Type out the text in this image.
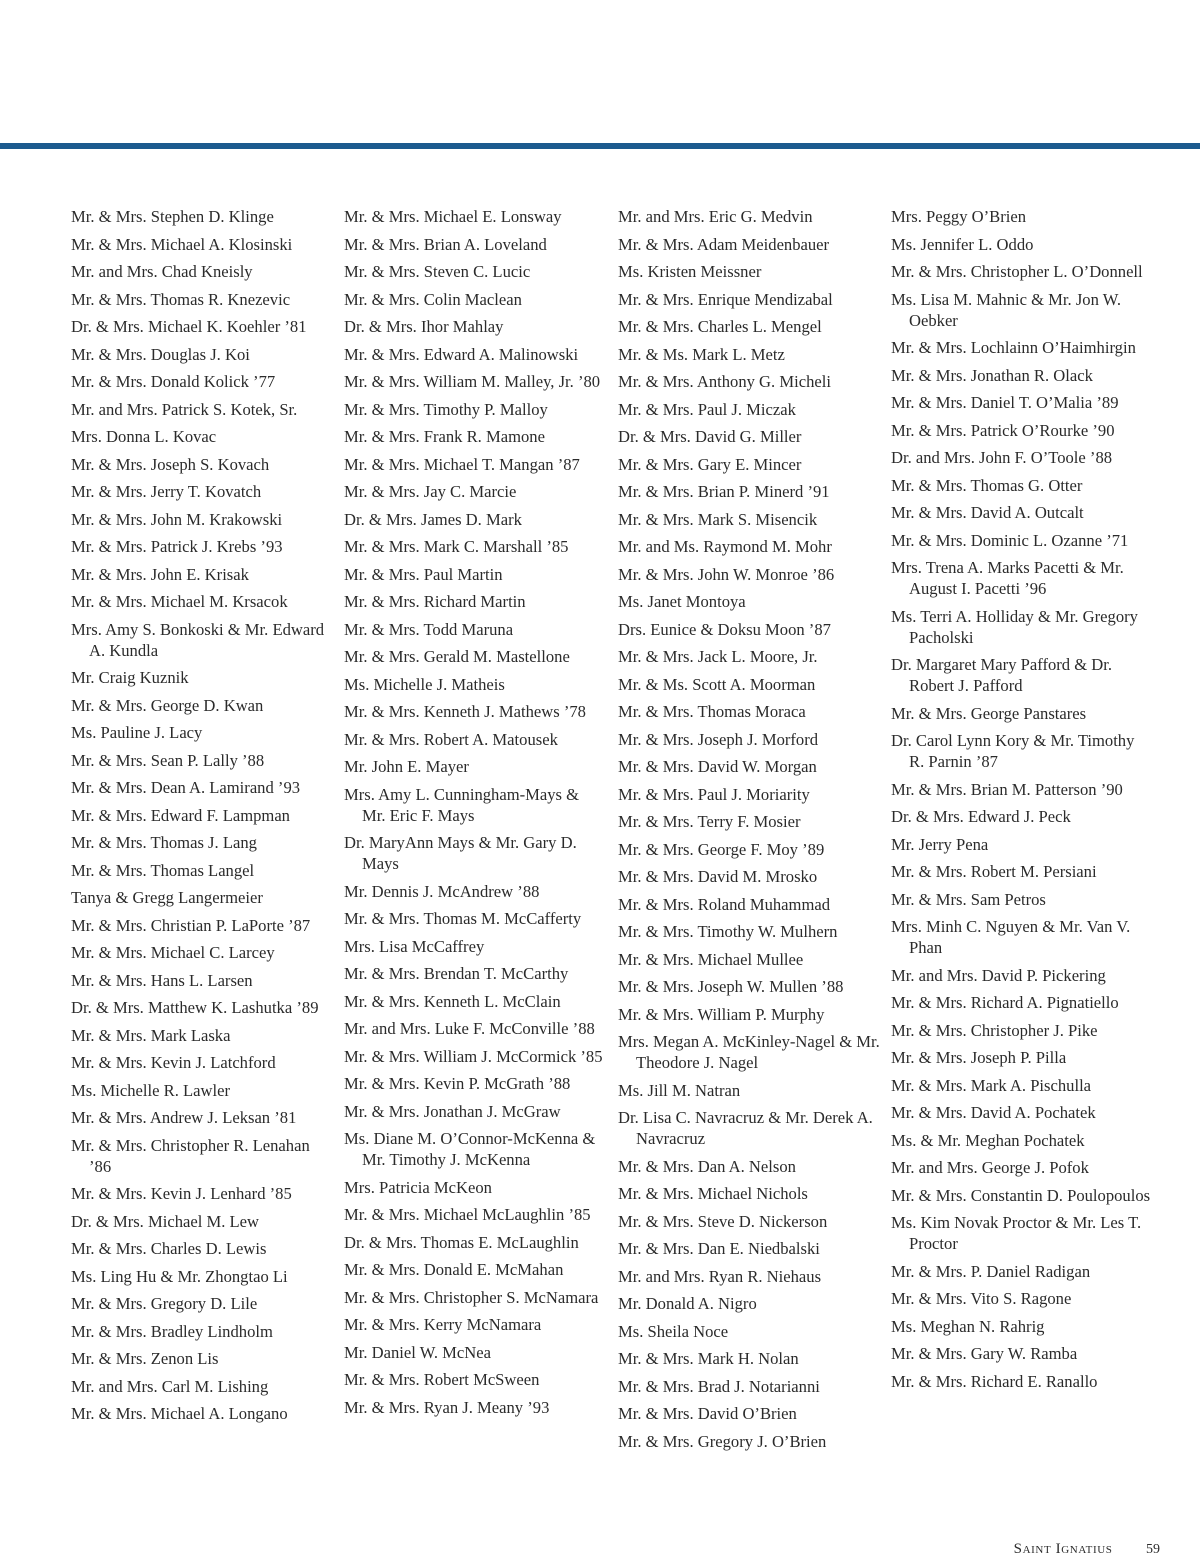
Mr. & Mrs. Stephen D. Klinge
Mr. & Mrs. Michael A. Klosinski
Mr. and Mrs. Chad Kneisly
Mr. & Mrs. Thomas R. Knezevic
Dr. & Mrs. Michael K. Koehler ’81
Mr. & Mrs. Douglas J. Koi
Mr. & Mrs. Donald Kolick ’77
Mr. and Mrs. Patrick S. Kotek, Sr.
Mrs. Donna L. Kovac
Mr. & Mrs. Joseph S. Kovach
Mr. & Mrs. Jerry T. Kovatch
Mr. & Mrs. John M. Krakowski
Mr. & Mrs. Patrick J. Krebs ’93
Mr. & Mrs. John E. Krisak
Mr. & Mrs. Michael M. Krsacok
Mrs. Amy S. Bonkoski & Mr. Edward A. Kundla
Mr. Craig Kuznik
Mr. & Mrs. George D. Kwan
Ms. Pauline J. Lacy
Mr. & Mrs. Sean P. Lally ’88
Mr. & Mrs. Dean A. Lamirand ’93
Mr. & Mrs. Edward F. Lampman
Mr. & Mrs. Thomas J. Lang
Mr. & Mrs. Thomas Langel
Tanya & Gregg Langermeier
Mr. & Mrs. Christian P. LaPorte ’87
Mr. & Mrs. Michael C. Larcey
Mr. & Mrs. Hans L. Larsen
Dr. & Mrs. Matthew K. Lashutka ’89
Mr. & Mrs. Mark Laska
Mr. & Mrs. Kevin J. Latchford
Ms. Michelle R. Lawler
Mr. & Mrs. Andrew J. Leksan ’81
Mr. & Mrs. Christopher R. Lenahan ’86
Mr. & Mrs. Kevin J. Lenhard ’85
Dr. & Mrs. Michael M. Lew
Mr. & Mrs. Charles D. Lewis
Ms. Ling Hu & Mr. Zhongtao Li
Mr. & Mrs. Gregory D. Lile
Mr. & Mrs. Bradley Lindholm
Mr. & Mrs. Zenon Lis
Mr. and Mrs. Carl M. Lishing
Mr. & Mrs. Michael A. Longano
Mr. & Mrs. Michael E. Lonsway
Mr. & Mrs. Brian A. Loveland
Mr. & Mrs. Steven C. Lucic
Mr. & Mrs. Colin Maclean
Dr. & Mrs. Ihor Mahlay
Mr. & Mrs. Edward A. Malinowski
Mr. & Mrs. William M. Malley, Jr. ’80
Mr. & Mrs. Timothy P. Malloy
Mr. & Mrs. Frank R. Mamone
Mr. & Mrs. Michael T. Mangan ’87
Mr. & Mrs. Jay C. Marcie
Dr. & Mrs. James D. Mark
Mr. & Mrs. Mark C. Marshall ’85
Mr. & Mrs. Paul Martin
Mr. & Mrs. Richard Martin
Mr. & Mrs. Todd Maruna
Mr. & Mrs. Gerald M. Mastellone
Ms. Michelle J. Matheis
Mr. & Mrs. Kenneth J. Mathews ’78
Mr. & Mrs. Robert A. Matousek
Mr. John E. Mayer
Mrs. Amy L. Cunningham-Mays & Mr. Eric F. Mays
Dr. MaryAnn Mays & Mr. Gary D. Mays
Mr. Dennis J. McAndrew ’88
Mr. & Mrs. Thomas M. McCafferty
Mrs. Lisa McCaffrey
Mr. & Mrs. Brendan T. McCarthy
Mr. & Mrs. Kenneth L. McClain
Mr. and Mrs. Luke F. McConville ’88
Mr. & Mrs. William J. McCormick ’85
Mr. & Mrs. Kevin P. McGrath ’88
Mr. & Mrs. Jonathan J. McGraw
Ms. Diane M. O’Connor-McKenna & Mr. Timothy J. McKenna
Mrs. Patricia McKeon
Mr. & Mrs. Michael McLaughlin ’85
Dr. & Mrs. Thomas E. McLaughlin
Mr. & Mrs. Donald E. McMahan
Mr. & Mrs. Christopher S. McNamara
Mr. & Mrs. Kerry McNamara
Mr. Daniel W. McNea
Mr. & Mrs. Robert McSween
Mr. & Mrs. Ryan J. Meany ’93
Mr. and Mrs. Eric G. Medvin
Mr. & Mrs. Adam Meidenbauer
Ms. Kristen Meissner
Mr. & Mrs. Enrique Mendizabal
Mr. & Mrs. Charles L. Mengel
Mr. & Ms. Mark L. Metz
Mr. & Mrs. Anthony G. Micheli
Mr. & Mrs. Paul J. Miczak
Dr. & Mrs. David G. Miller
Mr. & Mrs. Gary E. Mincer
Mr. & Mrs. Brian P. Minerd ’91
Mr. & Mrs. Mark S. Misencik
Mr. and Ms. Raymond M. Mohr
Mr. & Mrs. John W. Monroe ’86
Ms. Janet Montoya
Drs. Eunice & Doksu Moon ’87
Mr. & Mrs. Jack L. Moore, Jr.
Mr. & Ms. Scott A. Moorman
Mr. & Mrs. Thomas Moraca
Mr. & Mrs. Joseph J. Morford
Mr. & Mrs. David W. Morgan
Mr. & Mrs. Paul J. Moriarity
Mr. & Mrs. Terry F. Mosier
Mr. & Mrs. George F. Moy ’89
Mr. & Mrs. David M. Mrosko
Mr. & Mrs. Roland Muhammad
Mr. & Mrs. Timothy W. Mulhern
Mr. & Mrs. Michael Mullee
Mr. & Mrs. Joseph W. Mullen ’88
Mr. & Mrs. William P. Murphy
Mrs. Megan A. McKinley-Nagel & Mr. Theodore J. Nagel
Ms. Jill M. Natran
Dr. Lisa C. Navracruz & Mr. Derek A. Navracruz
Mr. & Mrs. Dan A. Nelson
Mr. & Mrs. Michael Nichols
Mr. & Mrs. Steve D. Nickerson
Mr. & Mrs. Dan E. Niedbalski
Mr. and Mrs. Ryan R. Niehaus
Mr. Donald A. Nigro
Ms. Sheila Noce
Mr. & Mrs. Mark H. Nolan
Mr. & Mrs. Brad J. Notarianni
Mr. & Mrs. David O’Brien
Mr. & Mrs. Gregory J. O’Brien
Mrs. Peggy O’Brien
Ms. Jennifer L. Oddo
Mr. & Mrs. Christopher L. O’Donnell
Ms. Lisa M. Mahnic & Mr. Jon W. Oebker
Mr. & Mrs. Lochlainn O’Haimhirgin
Mr. & Mrs. Jonathan R. Olack
Mr. & Mrs. Daniel T. O’Malia ’89
Mr. & Mrs. Patrick O’Rourke ’90
Dr. and Mrs. John F. O’Toole ’88
Mr. & Mrs. Thomas G. Otter
Mr. & Mrs. David A. Outcalt
Mr. & Mrs. Dominic L. Ozanne ’71
Mrs. Trena A. Marks Pacetti & Mr. August I. Pacetti ’96
Ms. Terri A. Holliday & Mr. Gregory Pacholski
Dr. Margaret Mary Pafford & Dr. Robert J. Pafford
Mr. & Mrs. George Panstares
Dr. Carol Lynn Kory & Mr. Timothy R. Parnin ’87
Mr. & Mrs. Brian M. Patterson ’90
Dr. & Mrs. Edward J. Peck
Mr. Jerry Pena
Mr. & Mrs. Robert M. Persiani
Mr. & Mrs. Sam Petros
Mrs. Minh C. Nguyen & Mr. Van V. Phan
Mr. and Mrs. David P. Pickering
Mr. & Mrs. Richard A. Pignatiello
Mr. & Mrs. Christopher J. Pike
Mr. & Mrs. Joseph P. Pilla
Mr. & Mrs. Mark A. Pischulla
Mr. & Mrs. David A. Pochatek
Ms. & Mr. Meghan Pochatek
Mr. and Mrs. George J. Pofok
Mr. & Mrs. Constantin D. Poulopoulos
Ms. Kim Novak Proctor & Mr. Les T. Proctor
Mr. & Mrs. P. Daniel Radigan
Mr. & Mrs. Vito S. Ragone
Ms. Meghan N. Rahrig
Mr. & Mrs. Gary W. Ramba
Mr. & Mrs. Richard E. Ranallo
Saint Ignatius 59
